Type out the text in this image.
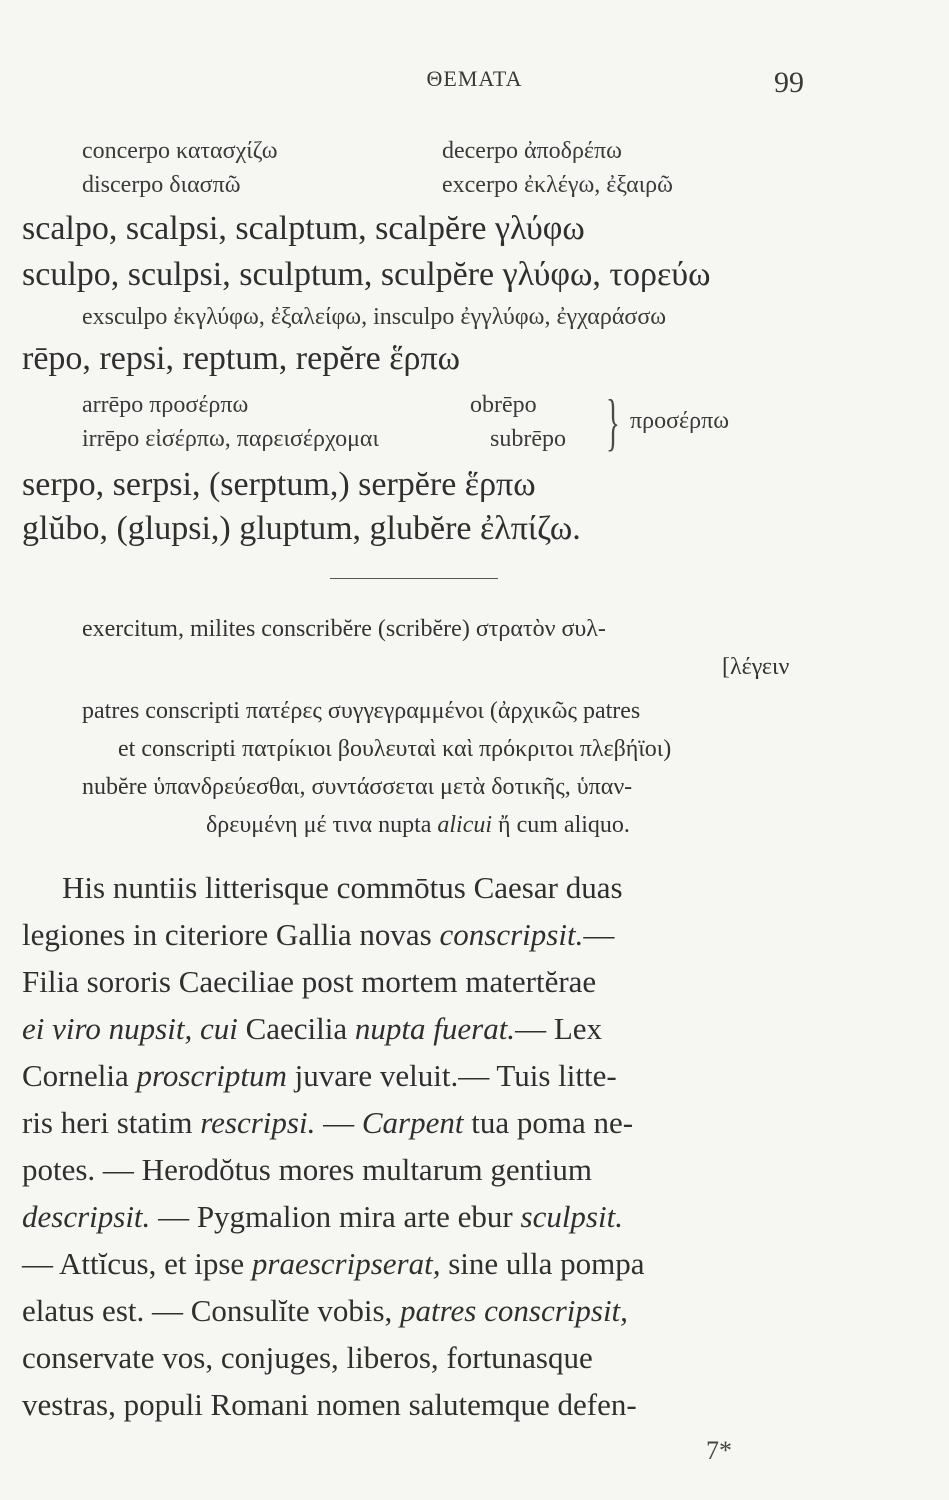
ΘΕΜΑΤΑ	99
concerpo κατασχίζω	decerpo ἀποδρέπω
discerpo διασπῶ	excerpo ἐκλέγω, ἐξαιρῶ
scalpo, scalpsi, scalptum, scalpĕre γλύφω
sculpo, sculpsi, sculptum, sculpĕre γλύφω, τορεύω
exsculpo ἐκγλύφω, ἐξαλείφω, insculpo ἐγγλύφω, ἐγχαράσσω
rēpo, repsi, reptum, repĕre ἕρπω
arrēpo προσέρπω	obrēpo
irrēpo εἰσέρπω, παρεισέρχομαι	subrēpo } προσέρπω
serpo, serpsi, (serptum,) serpĕre ἕρπω
glŭbo, (glupsi,) gluptum, glubĕre ἐλπίζω.
exercitum, milites conscribĕre (scribĕre) στρατὸν συλ-
[λέγειν
patres conscripti πατέρες συγγεγραμμένοι (ἀρχικῶς patres
et conscripti πατρίκιοι βουλευταὶ καὶ πρόκριτοι πλεβήϊοι)
nubĕre ὑπανδρεύεσθαι, συντάσσεται μετὰ δοτικῆς, ὑπαν-
δρευμένη μέ τινα nupta alicui ἤ cum aliquo.
His nuntiis litterisque commōtus Caesar duas
legiones in citeriore Gallia novas conscripsit.—
Filia sororis Caeciliae post mortem matertĕrae
ei viro nupsit, cui Caecilia nupta fuerat.— Lex
Cornelia proscriptum juvare veluit.— Tuis litte-
ris heri statim rescripsi. — Carpent tua poma ne-
potes. — Herodŏtus mores multarum gentium
descripsit. — Pygmalion mira arte ebur sculpsit.
— Attĭcus, et ipse praescripserat, sine ulla pompa
elatus est. — Consulĭte vobis, patres conscripsit,
conservate vos, conjuges, liberos, fortunasque
vestras, populi Romani nomen salutemque defen-
7*
